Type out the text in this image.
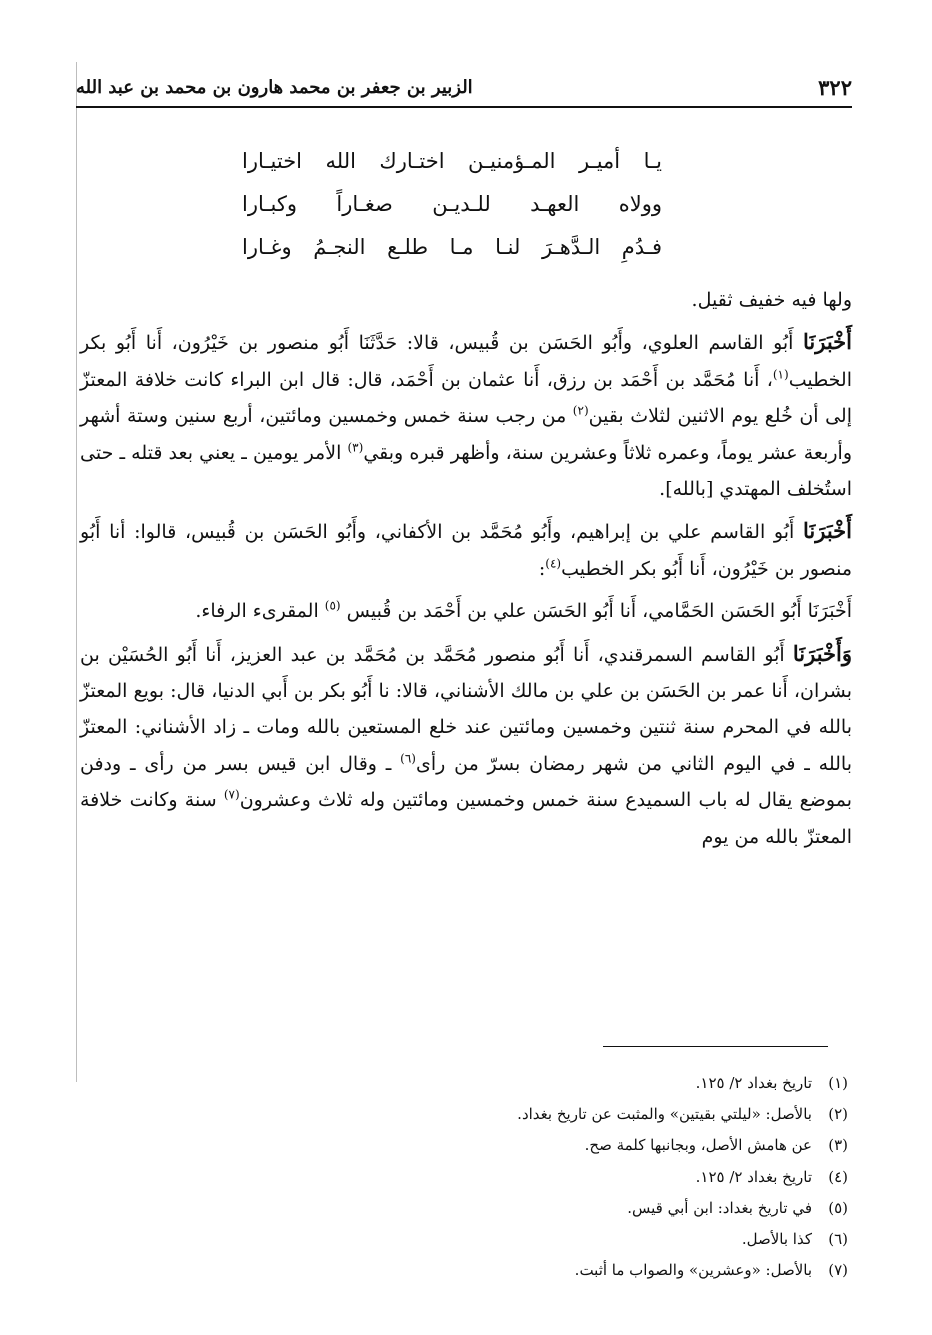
٣٢٢
الزبير بن جعفر بن محمد هارون بن محمد بن عبد الله
يـا أميـر المـؤمنيـن اختـارك الله اختيـارا
وولاه العهـد للـديـن صغـاراً وكبـارا
فـدُمِ الـدَّهـرَ لنـا مـا طلـع النجـمُ وغـارا

ولها فيه خفيف ثقيل.

أَخْبَرَنَا أَبُو القاسم العلوي، وأَبُو الحَسَن بن قُبيس، قالا: حَدَّثَنَا أَبُو منصور بن خَيْرُون، أَنا أَبُو بكر الخطيب$^{(١)}$، أَنا مُحَمَّد بن أَحْمَد بن رزق، أَنا عثمان بن أَحْمَد، قال: قال ابن البراء كانت خلافة المعتزّ إلى أن خُلع يوم الاثنين لثلاث بقين$^{(٢)}$ من رجب سنة خمس وخمسين ومائتين، أربع سنين وستة أشهر وأربعة عشر يوماً، وعمره ثلاثاً وعشرين سنة، وأظهر قبره وبقي$^{(٣)}$ الأمر يومين ـ يعني بعد قتله ـ حتى استُخلف المهتدي [بالله].

أَخْبَرَنَا أَبُو القاسم علي بن إبراهيم، وأَبُو مُحَمَّد بن الأكفاني، وأَبُو الحَسَن بن قُبيس، قالوا: أنا أَبُو منصور بن خَيْرُون، أَنا أَبُو بكر الخطيب$^{(٤)}$:

أَخْبَرَنَا أَبُو الحَسَن الحَمَّامي، أَنا أَبُو الحَسَن علي بن أَحْمَد بن قُبيس $^{(٥)}$ المقرىء الرفاء.

وَأَخْبَرَنَا أَبُو القاسم السمرقندي، أَنا أَبُو منصور مُحَمَّد بن مُحَمَّد بن عبد العزيز، أَنا أَبُو الحُسَيْن بن بشران، أَنا عمر بن الحَسَن بن علي بن مالك الأشناني، قالا: نا أَبُو بكر بن أَبي الدنيا، قال: بويع المعتزّ بالله في المحرم سنة ثنتين وخمسين ومائتين عند خلع المستعين بالله ومات ـ زاد الأشناني: المعتزّ بالله ـ في اليوم الثاني من شهر رمضان بسرّ من رأى$^{(٦)}$ ـ وقال ابن قيس بسر من رأى ـ ودفن بموضع يقال له باب السميدع سنة خمس وخمسين ومائتين وله ثلاث وعشرون$^{(٧)}$ سنة وكانت خلافة المعتزّ بالله من يوم

(١)تاريخ بغداد ٢/ ١٢٥.
(٢)بالأصل: «ليلتي بقيتين» والمثبت عن تاريخ بغداد.
(٣)عن هامش الأصل، وبجانبها كلمة صح.
(٤)تاريخ بغداد ٢/ ١٢٥.
(٥)في تاريخ بغداد: ابن أبي قيس.
(٦)كذا بالأصل.
(٧)بالأصل: «وعشرين» والصواب ما أثبت.
